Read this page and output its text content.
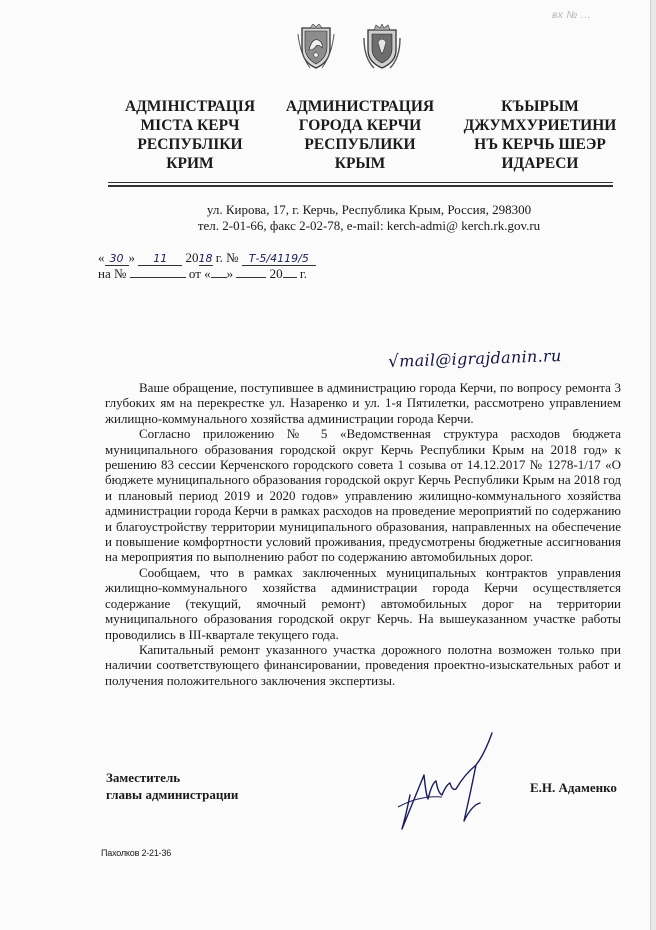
вх № ...
АДМІНІСТРАЦІЯ
МІСТА КЕРЧ
РЕСПУБЛІКИ КРИМ
АДМИНИСТРАЦИЯ
ГОРОДА КЕРЧИ
РЕСПУБЛИКИ
КРЫМ
КЪЫРЫМ
ДЖУМХУРИЕТИНИ
НЪ КЕРЧЬ ШЕЭР
ИДАРЕСИ
ул. Кирова, 17, г. Керчь, Республика Крым, Россия, 298300
тел. 2-01-66, факс 2-02-78, e-mail: kerch-admi@ kerch.rk.gov.ru
« 30 » 11 2018 г. № Т-5/4119/5
на №	от « »	20 г.
√mail@igrajdanin.ru

Ваше обращение, поступившее в администрацию города Керчи, по вопросу ремонта 3 глубоких ям на перекрестке ул. Назаренко и ул. 1-я Пятилетки, рассмотрено управлением жилищно-коммунального хозяйства администрации города Керчи.

Согласно приложению № 5 «Ведомственная структура расходов бюджета муниципального образования городской округ Керчь Республики Крым на 2018 год» к решению 83 сессии Керченского городского совета 1 созыва от 14.12.2017 № 1278-1/17 «О бюджете муниципального образования городской округ Керчь Республики Крым на 2018 год и плановый период 2019 и 2020 годов» управлению жилищно-коммунального хозяйства администрации города Керчи в рамках расходов на проведение мероприятий по содержанию и благоустройству территории муниципального образования, направленных на обеспечение и повышение комфортности условий проживания, предусмотрены бюджетные ассигнования на мероприятия по выполнению работ по содержанию автомобильных дорог.

Сообщаем, что в рамках заключенных муниципальных контрактов управления жилищно-коммунального хозяйства администрации города Керчи осуществляется содержание (текущий, ямочный ремонт) автомобильных дорог на территории муниципального образования городской округ Керчь. На вышеуказанном участке работы проводились в III-квартале текущего года.

Капитальный ремонт указанного участка дорожного полотна возможен только при наличии соответствующего финансировании, проведения проектно-изыскательных работ и получения положительного заключения экспертизы.

Заместитель
главы администрации	Е.Н. Адаменко
Пахолков 2-21-36
